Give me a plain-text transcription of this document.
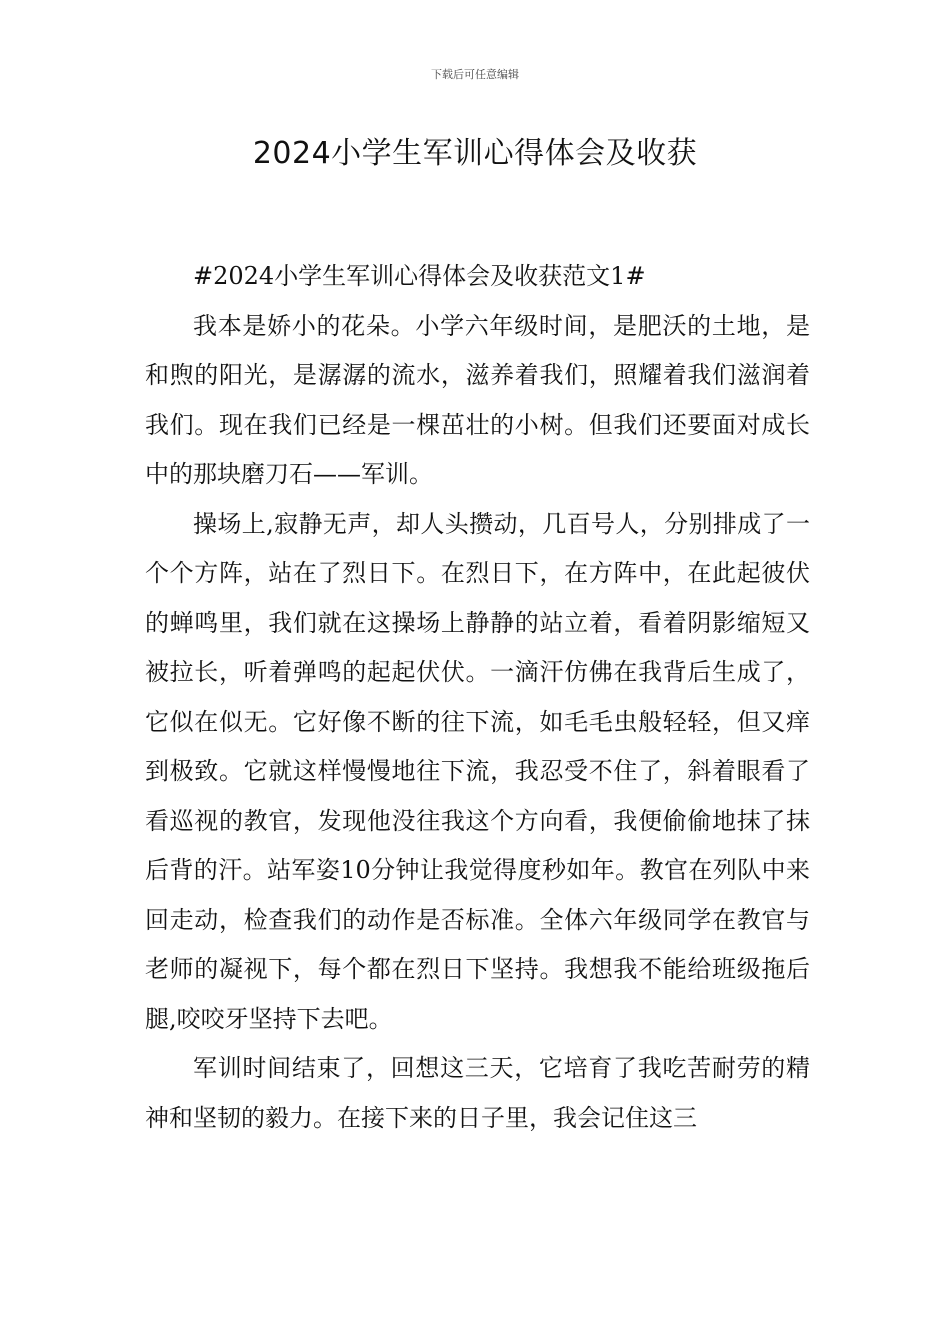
下载后可任意编辑
2024小学生军训心得体会及收获

#2024小学生军训心得体会及收获范文1#

我本是娇小的花朵。小学六年级时间，是肥沃的土地，是和煦的阳光，是潺潺的流水，滋养着我们，照耀着我们滋润着我们。现在我们已经是一棵茁壮的小树。但我们还要面对成长中的那块磨刀石——军训。

操场上,寂静无声，却人头攒动，几百号人，分别排成了一个个方阵，站在了烈日下。在烈日下，在方阵中，在此起彼伏的蝉鸣里，我们就在这操场上静静的站立着，看着阴影缩短又被拉长，听着弹鸣的起起伏伏。一滴汗仿佛在我背后生成了，它似在似无。它好像不断的往下流，如毛毛虫般轻轻，但又痒到极致。它就这样慢慢地往下流，我忍受不住了，斜着眼看了看巡视的教官，发现他没往我这个方向看，我便偷偷地抹了抹后背的汗。站军姿10分钟让我觉得度秒如年。教官在列队中来回走动，检查我们的动作是否标准。全体六年级同学在教官与老师的凝视下，每个都在烈日下坚持。我想我不能给班级拖后腿,咬咬牙坚持下去吧。

军训时间结束了，回想这三天，它培育了我吃苦耐劳的精神和坚韧的毅力。在接下来的日子里，我会记住这三
